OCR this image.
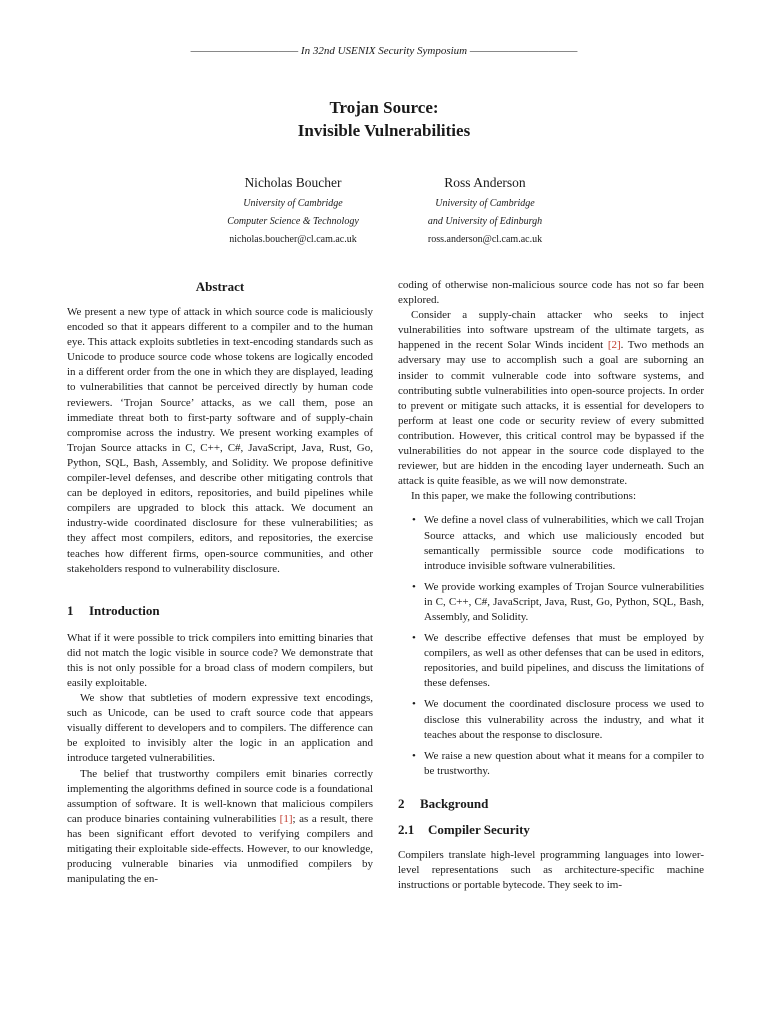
——————————— In 32nd USENIX Security Symposium ———————————
Trojan Source:
Invisible Vulnerabilities
Nicholas Boucher
University of Cambridge
Computer Science & Technology
nicholas.boucher@cl.cam.ac.uk
Ross Anderson
University of Cambridge
and University of Edinburgh
ross.anderson@cl.cam.ac.uk
Abstract

We present a new type of attack in which source code is maliciously encoded so that it appears different to a compiler and to the human eye. This attack exploits subtleties in text-encoding standards such as Unicode to produce source code whose tokens are logically encoded in a different order from the one in which they are displayed, leading to vulnerabilities that cannot be perceived directly by human code reviewers. ‘Trojan Source’ attacks, as we call them, pose an immediate threat both to first-party software and of supply-chain compromise across the industry. We present working examples of Trojan Source attacks in C, C++, C#, JavaScript, Java, Rust, Go, Python, SQL, Bash, Assembly, and Solidity. We propose definitive compiler-level defenses, and describe other mitigating controls that can be deployed in editors, repositories, and build pipelines while compilers are upgraded to block this attack. We document an industry-wide coordinated disclosure for these vulnerabilities; as they affect most compilers, editors, and repositories, the exercise teaches how different firms, open-source communities, and other stakeholders respond to vulnerability disclosure.

1 Introduction

What if it were possible to trick compilers into emitting binaries that did not match the logic visible in source code? We demonstrate that this is not only possible for a broad class of modern compilers, but easily exploitable.

We show that subtleties of modern expressive text encodings, such as Unicode, can be used to craft source code that appears visually different to developers and to compilers. The difference can be exploited to invisibly alter the logic in an application and introduce targeted vulnerabilities.

The belief that trustworthy compilers emit binaries correctly implementing the algorithms defined in source code is a foundational assumption of software. It is well-known that malicious compilers can produce binaries containing vulnerabilities [1]; as a result, there has been significant effort devoted to verifying compilers and mitigating their exploitable side-effects. However, to our knowledge, producing vulnerable binaries via unmodified compilers by manipulating the en-

coding of otherwise non-malicious source code has not so far been explored.

Consider a supply-chain attacker who seeks to inject vulnerabilities into software upstream of the ultimate targets, as happened in the recent Solar Winds incident [2]. Two methods an adversary may use to accomplish such a goal are suborning an insider to commit vulnerable code into software systems, and contributing subtle vulnerabilities into open-source projects. In order to prevent or mitigate such attacks, it is essential for developers to perform at least one code or security review of every submitted contribution. However, this critical control may be bypassed if the vulnerabilities do not appear in the source code displayed to the reviewer, but are hidden in the encoding layer underneath. Such an attack is quite feasible, as we will now demonstrate.

In this paper, we make the following contributions:

• We define a novel class of vulnerabilities, which we call Trojan Source attacks, and which use maliciously encoded but semantically permissible source code modifications to introduce invisible software vulnerabilities.
• We provide working examples of Trojan Source vulnerabilities in C, C++, C#, JavaScript, Java, Rust, Go, Python, SQL, Bash, Assembly, and Solidity.
• We describe effective defenses that must be employed by compilers, as well as other defenses that can be used in editors, repositories, and build pipelines, and discuss the limitations of these defenses.
• We document the coordinated disclosure process we used to disclose this vulnerability across the industry, and what it teaches about the response to disclosure.
• We raise a new question about what it means for a compiler to be trustworthy.
2 Background
2.1 Compiler Security

Compilers translate high-level programming languages into lower-level representations such as architecture-specific machine instructions or portable bytecode. They seek to im-
